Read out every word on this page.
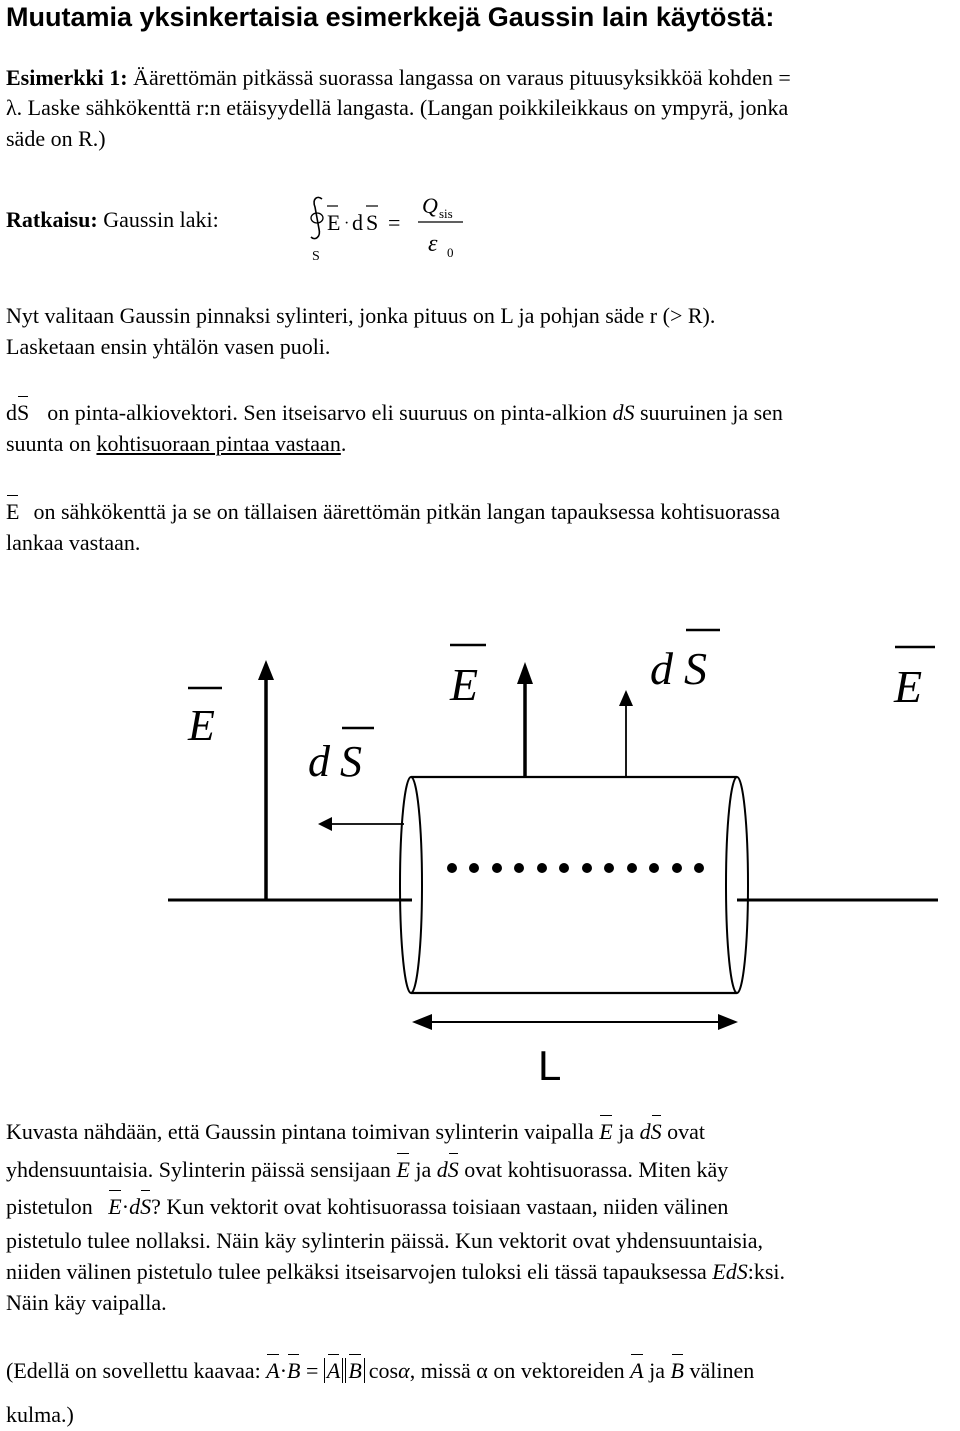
Muutamia yksinkertaisia esimerkkejä Gaussin lain käytöstä:
Esimerkki 1: Äärettömän pitkässä suorassa langassa on varaus pituusyksikköä kohden =
λ. Laske sähkökenttä r:n etäisyydellä langasta. (Langan poikkileikkaus on ympyrä, jonka
säde on R.)
Ratkaisu: Gaussin laki:	E · d S =
Q sis
ε 0
S
Nyt valitaan Gaussin pinnaksi sylinteri, jonka pituus on L ja pohjan säde r (> R).
Lasketaan ensin yhtälön vasen puoli.
dS on pinta-alkiovektori. Sen itseisarvo eli suuruus on pinta-alkion dS suuruinen ja sen
suunta on kohtisuoraan pintaa vastaan.
E on sähkökenttä ja se on tällaisen äärettömän pitkän langan tapauksessa kohtisuorassa
lankaa vastaan.
E
d S
E	d S	E
L
Kuvasta nähdään, että Gaussin pintana toimivan sylinterin vaipalla E ja dS ovat
yhdensuuntaisia. Sylinterin päissä sensijaan E ja dS ovat kohtisuorassa. Miten käy
pistetulon E·dS? Kun vektorit ovat kohtisuorassa toisiaan vastaan, niiden välinen
pistetulo tulee nollaksi. Näin käy sylinterin päissä. Kun vektorit ovat yhdensuuntaisia,
niiden välinen pistetulo tulee pelkäksi itseisarvojen tuloksi eli tässä tapauksessa EdS:ksi.
Näin käy vaipalla.
(Edellä on sovellettu kaavaa: A·B = A B cosα, missä α on vektoreiden A ja B välinen
kulma.)
